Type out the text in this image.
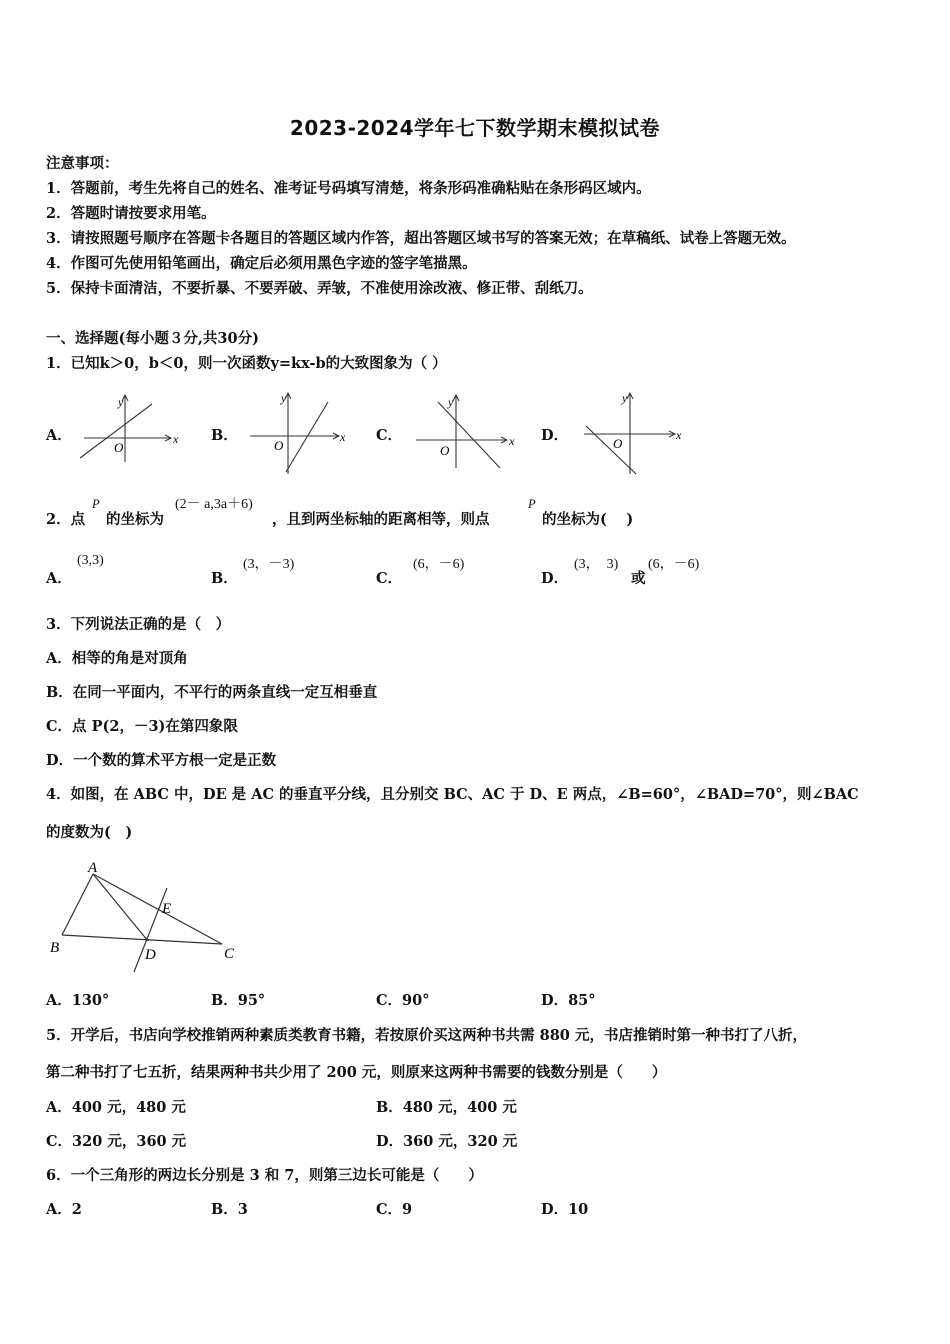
2023-2024学年七下数学期末模拟试卷
注意事项：
1．答题前，考生先将自己的姓名、准考证号码填写清楚，将条形码准确粘贴在条形码区域内。
2．答题时请按要求用笔。
3．请按照题号顺序在答题卡各题目的答题区域内作答，超出答题区域书写的答案无效；在草稿纸、试卷上答题无效。
4．作图可先使用铅笔画出，确定后必须用黑色字迹的签字笔描黑。
5．保持卡面清洁，不要折暴、不要弄破、弄皱，不准使用涂改液、修正带、刮纸刀。
一、选择题(每小题３分,共30分)
1．已知k＞0，b＜0，则一次函数y=kx-b的大致图象为（ ）
A．	B．	C．	D．
y
x
O
y
x
O
y
x
O
y
x
O
2．点
P
的坐标为
(2－ a,3a＋6)
，且到两坐标轴的距离相等，则点
P
的坐标为(　 )
A．
(3,3)
B．
(3，－3)
C．
(6，－6)
D．
(3，　3)
或
(6，－6)
3．下列说法正确的是（　）
A．相等的角是对顶角
B．在同一平面内，不平行的两条直线一定互相垂直
C．点 P(2，－3)在第四象限
D．一个数的算术平方根一定是正数
4．如图，在 ABC 中，DE 是 AC 的垂直平分线，且分别交 BC、AC 于 D、E 两点，∠B=60°，∠BAD=70°，则∠BAC
的度数为(　)
A
B	C
D
E
A．130°	B．95°	C．90°	D．85°
5．开学后，书店向学校推销两种素质类教育书籍，若按原价买这两种书共需 880 元，书店推销时第一种书打了八折，
第二种书打了七五折，结果两种书共少用了 200 元，则原来这两种书需要的钱数分别是（　　）
A．400 元，480 元	B．480 元，400 元
C．320 元，360 元	D．360 元，320 元
6．一个三角形的两边长分别是 3 和 7，则第三边长可能是（　　）
A．2	B．3	C．9	D．10
